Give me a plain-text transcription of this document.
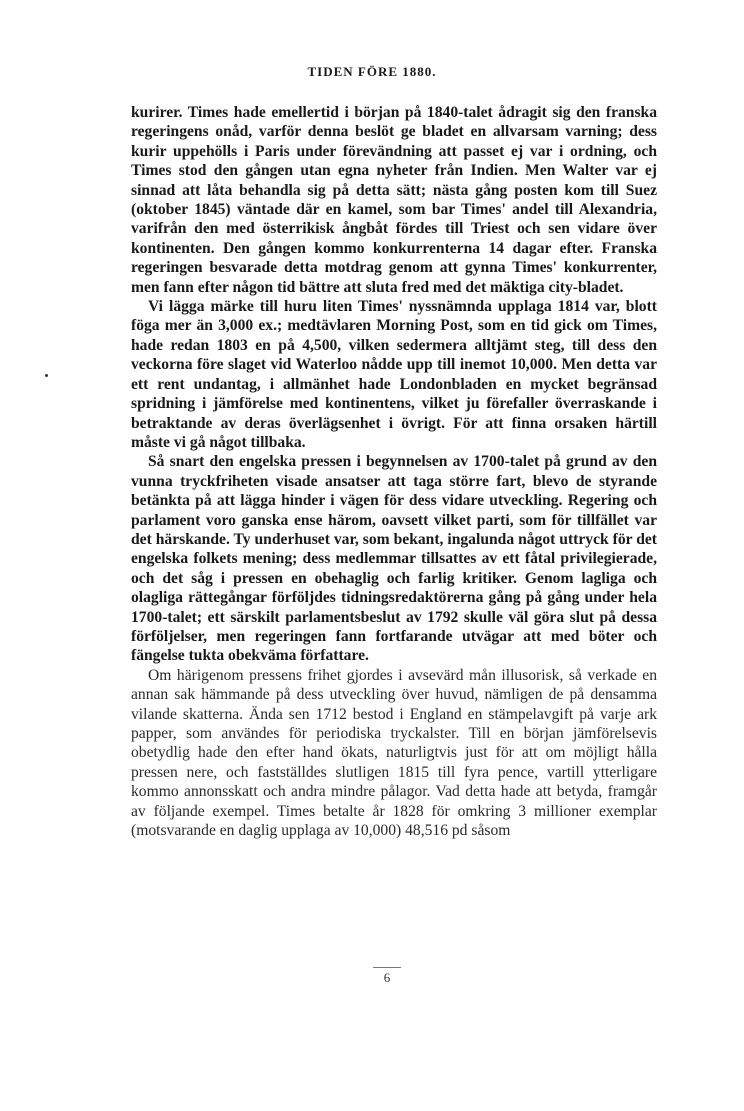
TIDEN FÖRE 1880.

kurirer. Times hade emellertid i början på 1840-talet ådragit sig den franska regeringens onåd, varför denna beslöt ge bladet en allvarsam varning; dess kurir uppehölls i Paris under förevändning att passet ej var i ordning, och Times stod den gången utan egna nyheter från Indien. Men Walter var ej sinnad att låta behandla sig på detta sätt; nästa gång posten kom till Suez (oktober 1845) väntade där en kamel, som bar Times' andel till Alexandria, varifrån den med österrikisk ångbåt fördes till Triest och sen vidare över kontinenten. Den gången kommo konkurrenterna 14 dagar efter. Franska regeringen besvarade detta motdrag genom att gynna Times' konkurrenter, men fann efter någon tid bättre att sluta fred med det mäktiga city-bladet.

Vi lägga märke till huru liten Times' nyssnämnda upplaga 1814 var, blott föga mer än 3,000 ex.; medtävlaren Morning Post, som en tid gick om Times, hade redan 1803 en på 4,500, vilken sedermera alltjämt steg, till dess den veckorna före slaget vid Waterloo nådde upp till inemot 10,000. Men detta var ett rent undantag, i allmänhet hade Londonbladen en mycket begränsad spridning i jämförelse med kontinentens, vilket ju förefaller överraskande i betraktande av deras överlägsenhet i övrigt. För att finna orsaken härtill måste vi gå något tillbaka.

Så snart den engelska pressen i begynnelsen av 1700-talet på grund av den vunna tryckfriheten visade ansatser att taga större fart, blevo de styrande betänkta på att lägga hinder i vägen för dess vidare utveckling. Regering och parlament voro ganska ense härom, oavsett vilket parti, som för tillfället var det härskande. Ty underhuset var, som bekant, ingalunda något uttryck för det engelska folkets mening; dess medlemmar tillsattes av ett fåtal privilegierade, och det såg i pressen en obehaglig och farlig kritiker. Genom lagliga och olagliga rättegångar förföljdes tidningsredaktörerna gång på gång under hela 1700-talet; ett särskilt parlamentsbeslut av 1792 skulle väl göra slut på dessa förföljelser, men regeringen fann fortfarande utvägar att med böter och fängelse tukta obekväma författare.

Om härigenom pressens frihet gjordes i avsevärd mån illusorisk, så verkade en annan sak hämmande på dess utveckling över huvud, nämligen de på densamma vilande skatterna. Ända sen 1712 bestod i England en stämpelavgift på varje ark papper, som användes för periodiska tryckalster. Till en början jämförelsevis obetydlig hade den efter hand ökats, naturligtvis just för att om möjligt hålla pressen nere, och fastställdes slutligen 1815 till fyra pence, vartill ytterligare kommo annonsskatt och andra mindre pålagor. Vad detta hade att betyda, framgår av följande exempel. Times betalte år 1828 för omkring 3 millioner exemplar (motsvarande en daglig upplaga av 10,000) 48,516 pd såsom

6
